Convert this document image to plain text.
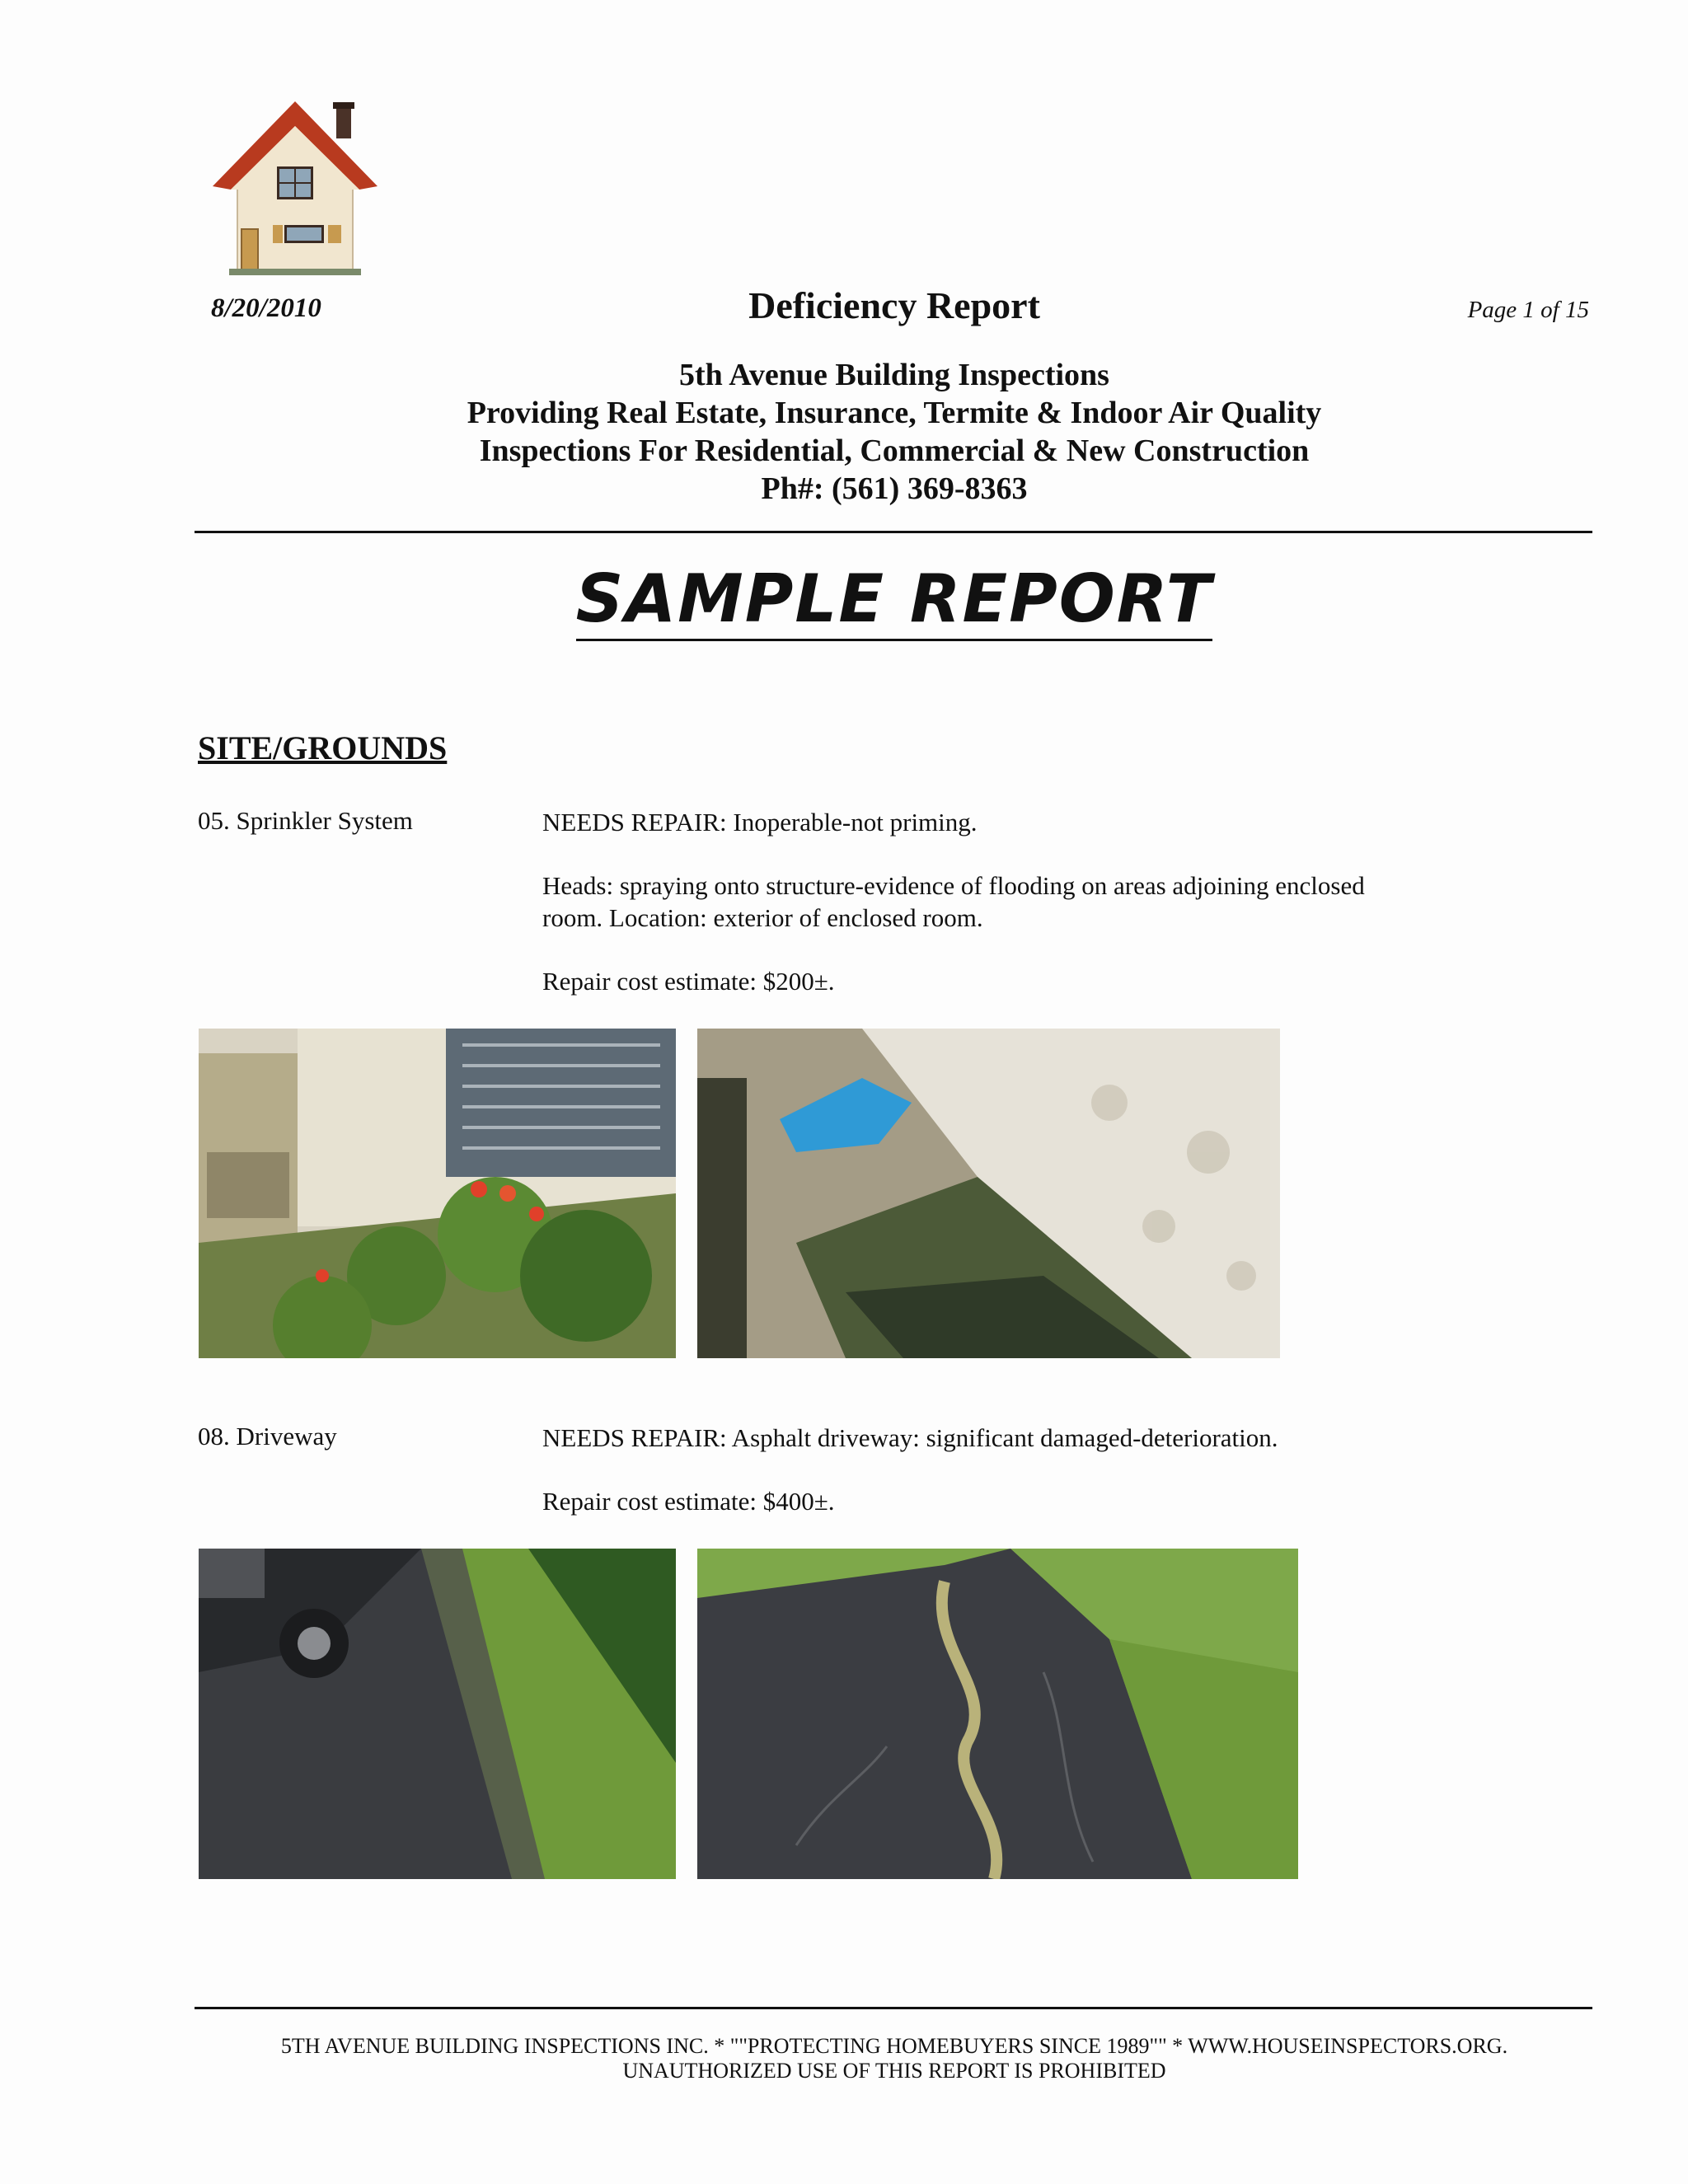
8/20/2010	Deficiency Report	Page 1 of 15
5th Avenue Building Inspections
Providing Real Estate, Insurance, Termite & Indoor Air Quality
Inspections For Residential, Commercial & New Construction
Ph#: (561) 369-8363
SAMPLE REPORT
SITE/GROUNDS
05. Sprinkler System	NEEDS REPAIR: Inoperable-not priming.
Heads: spraying onto structure-evidence of flooding on areas adjoining enclosed room. Location: exterior of enclosed room.
Repair cost estimate: $200±.
08. Driveway	NEEDS REPAIR: Asphalt driveway: significant damaged-deterioration.
Repair cost estimate: $400±.
5TH AVENUE BUILDING INSPECTIONS INC. * ""PROTECTING HOMEBUYERS SINCE 1989"" * WWW.HOUSEINSPECTORS.ORG.
UNAUTHORIZED USE OF THIS REPORT IS PROHIBITED
